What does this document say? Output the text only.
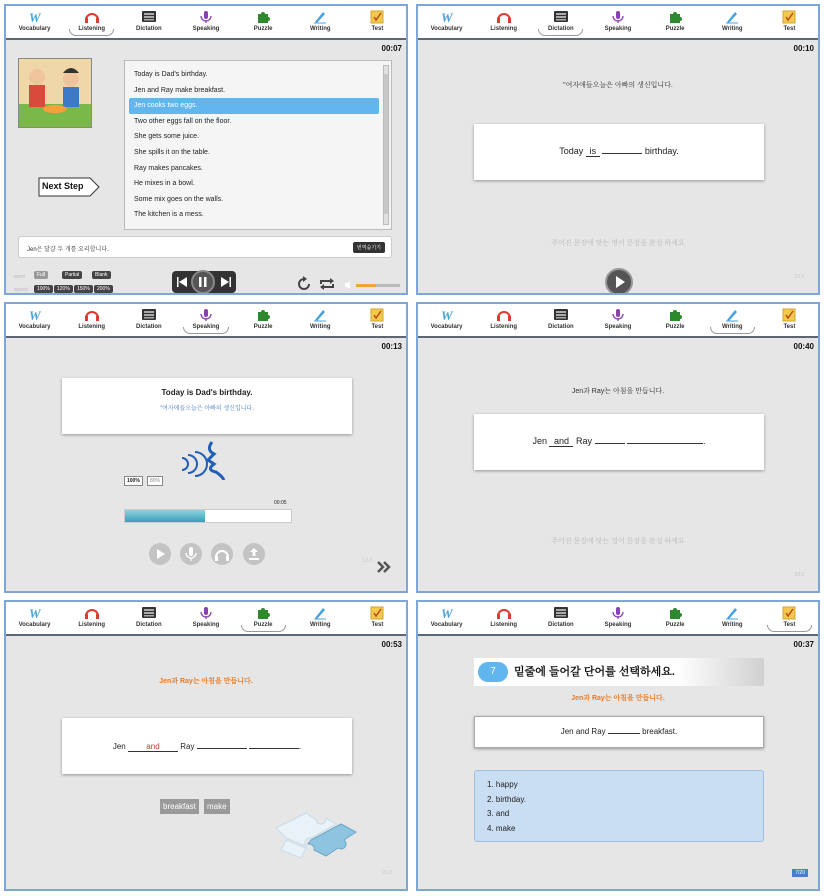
W
Vocabulary	Listening	Dictation	Speaking	Puzzle	Writing	Test
00:07
Today is Dad's birthday.
Jen and Ray make breakfast.
Jen cooks two eggs.
Two other eggs fall on the floor.
She gets some juice.
She spills it on the table.
Ray makes pancakes.
He mixes in a bowl.
Some mix goes on the walls.
The kitchen is a mess.
Next Step
Jen은 달걀 두 개를 요리합니다.	번역숨기기
word	Full	Partial	Blank
speed	100%	120%	150%	200%
W
Vocabulary	Listening	Dictation	Speaking	Puzzle	Writing	Test
00:10
"여자애들오늘은 아빠의 생신입니다.
Today is	birthday.
주어진 문장에 맞는 영어 문장을 완성 하세요
1/13
W
Vocabulary	Listening	Dictation	Speaking	Puzzle	Writing	Test
00:13
Today is Dad's birthday.
"여자애들오늘은 아빠의 생신입니다.
100%	80%
00:05
1/13
W
Vocabulary	Listening	Dictation	Speaking	Puzzle	Writing	Test
00:40
Jen과 Ray는 아침을 만듭니다.
Jen and Ray	.
주어진 문장에 맞는 영어 문장을 완성 하세요
2/13
W
Vocabulary	Listening	Dictation	Speaking	Puzzle	Writing	Test
00:53
Jen과 Ray는 아침을 만듭니다.
Jen	and	Ray	.
breakfast	make
2/13
W
Vocabulary	Listening	Dictation	Speaking	Puzzle	Writing	Test
00:37
7	밑줄에 들어갈 단어를 선택하세요.
Jen과 Ray는 아침을 만듭니다.
Jen and Ray	breakfast.
1. happy
2. birthday.
3. and
4. make
7/20
